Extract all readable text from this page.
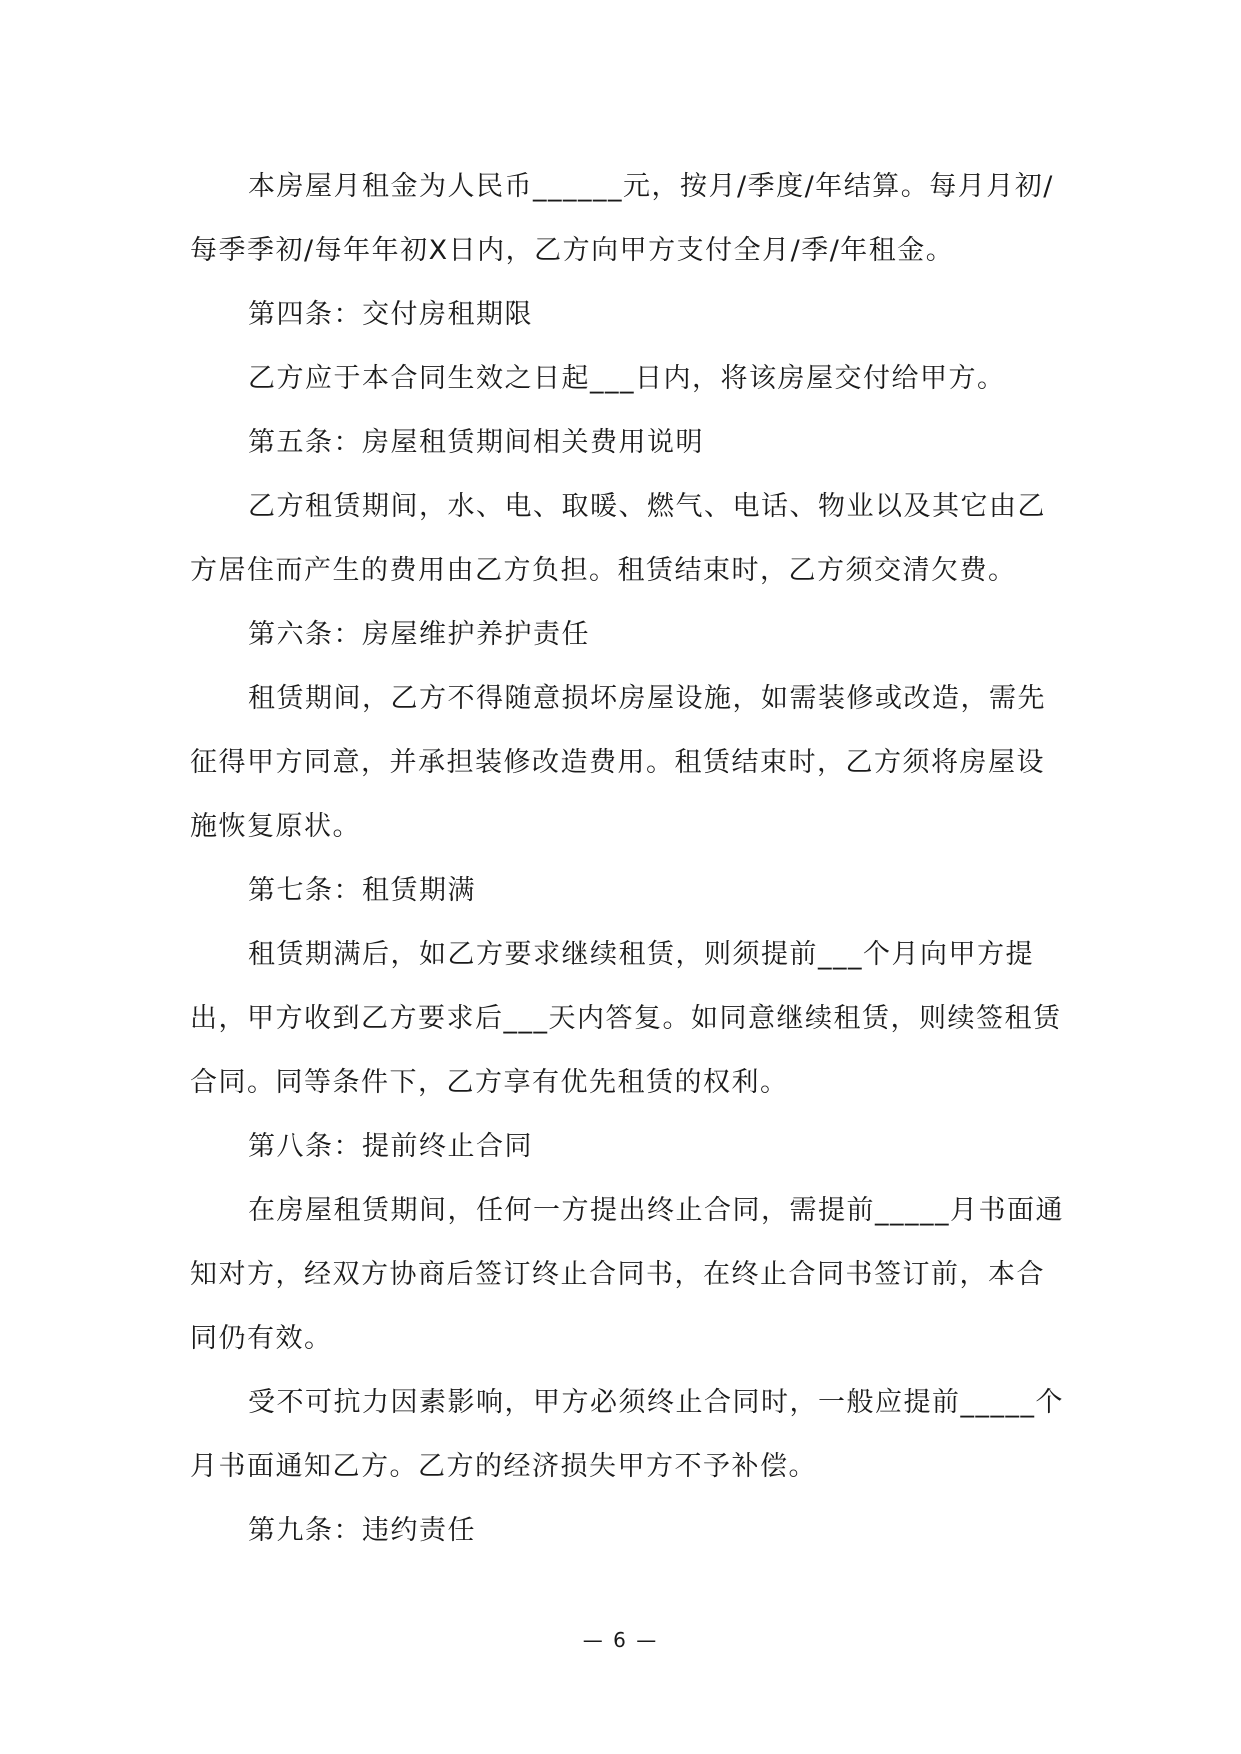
本房屋月租金为人民币______元，按月/季度/年结算。每月月初/每季季初/每年年初X日内，乙方向甲方支付全月/季/年租金。

第四条：交付房租期限

乙方应于本合同生效之日起___日内，将该房屋交付给甲方。

第五条：房屋租赁期间相关费用说明

乙方租赁期间，水、电、取暖、燃气、电话、物业以及其它由乙方居住而产生的费用由乙方负担。租赁结束时，乙方须交清欠费。

第六条：房屋维护养护责任

租赁期间，乙方不得随意损坏房屋设施，如需装修或改造，需先征得甲方同意，并承担装修改造费用。租赁结束时，乙方须将房屋设施恢复原状。

第七条：租赁期满

租赁期满后，如乙方要求继续租赁，则须提前___个月向甲方提出，甲方收到乙方要求后___天内答复。如同意继续租赁，则续签租赁合同。同等条件下，乙方享有优先租赁的权利。

第八条：提前终止合同

在房屋租赁期间，任何一方提出终止合同，需提前_____月书面通知对方，经双方协商后签订终止合同书，在终止合同书签订前，本合同仍有效。

受不可抗力因素影响，甲方必须终止合同时，一般应提前_____个月书面通知乙方。乙方的经济损失甲方不予补偿。

第九条：违约责任

— 6 —
